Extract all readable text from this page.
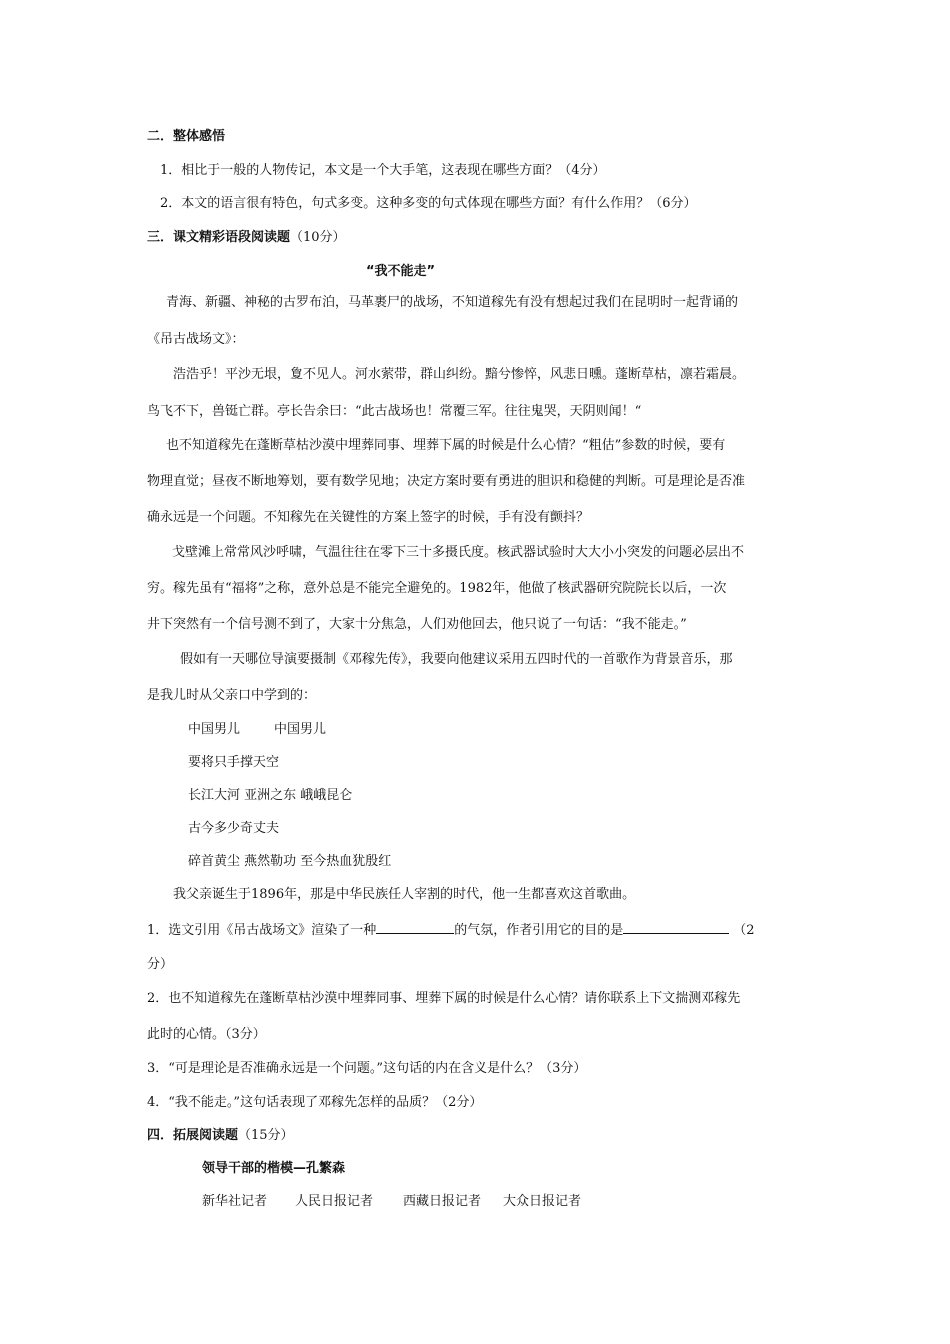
二．整体感悟
1．相比于一般的人物传记，本文是一个大手笔，这表现在哪些方面？（4分）
2．本文的语言很有特色，句式多变。这种多变的句式体现在哪些方面？有什么作用？（6分）
三．课文精彩语段阅读题（10分）
“我不能走”
青海、新疆、神秘的古罗布泊，马革裹尸的战场，不知道稼先有没有想起过我们在昆明时一起背诵的
《吊古战场文》：
浩浩乎！平沙无垠，夐不见人。河水萦带，群山纠纷。黯兮惨悴，风悲日曛。蓬断草枯，凛若霜晨。
鸟飞不下，兽铤亡群。亭长告余曰：“此古战场也！常覆三军。往往鬼哭，天阴则闻！“
也不知道稼先在蓬断草枯沙漠中埋葬同事、埋葬下属的时候是什么心情？“粗估”参数的时候，要有
物理直觉；昼夜不断地筹划，要有数学见地；决定方案时要有勇进的胆识和稳健的判断。可是理论是否准
确永远是一个问题。不知稼先在关键性的方案上签字的时候，手有没有颤抖？
戈壁滩上常常风沙呼啸，气温往往在零下三十多摄氏度。核武器试验时大大小小突发的问题必层出不
穷。稼先虽有“福将”之称，意外总是不能完全避免的。1982年，他做了核武器研究院院长以后，一次
井下突然有一个信号测不到了，大家十分焦急，人们劝他回去，他只说了一句话：“我不能走。”
假如有一天哪位导演要摄制《邓稼先传》，我要向他建议采用五四时代的一首歌作为背景音乐，那
是我儿时从父亲口中学到的：
中国男儿	中国男儿
要将只手撑天空
长江大河 亚洲之东 峨峨昆仑
古今多少奇丈夫
碎首黄尘 燕然勒功 至今热血犹殷红
我父亲诞生于1896年，那是中华民族任人宰割的时代，他一生都喜欢这首歌曲。
1．选文引用《吊古战场文》渲染了一种	的气氛，作者引用它的目的是	（2
分）
2．也不知道稼先在蓬断草枯沙漠中埋葬同事、埋葬下属的时候是什么心情？请你联系上下文揣测邓稼先
此时的心情。（3分）
3．“可是理论是否准确永远是一个问题。”这句话的内在含义是什么？（3分）
4．“我不能走。”这句话表现了邓稼先怎样的品质？（2分）
四．拓展阅读题（15分）
领导干部的楷模—孔繁森
新华社记者 人民日报记者 西藏日报记者 大众日报记者
